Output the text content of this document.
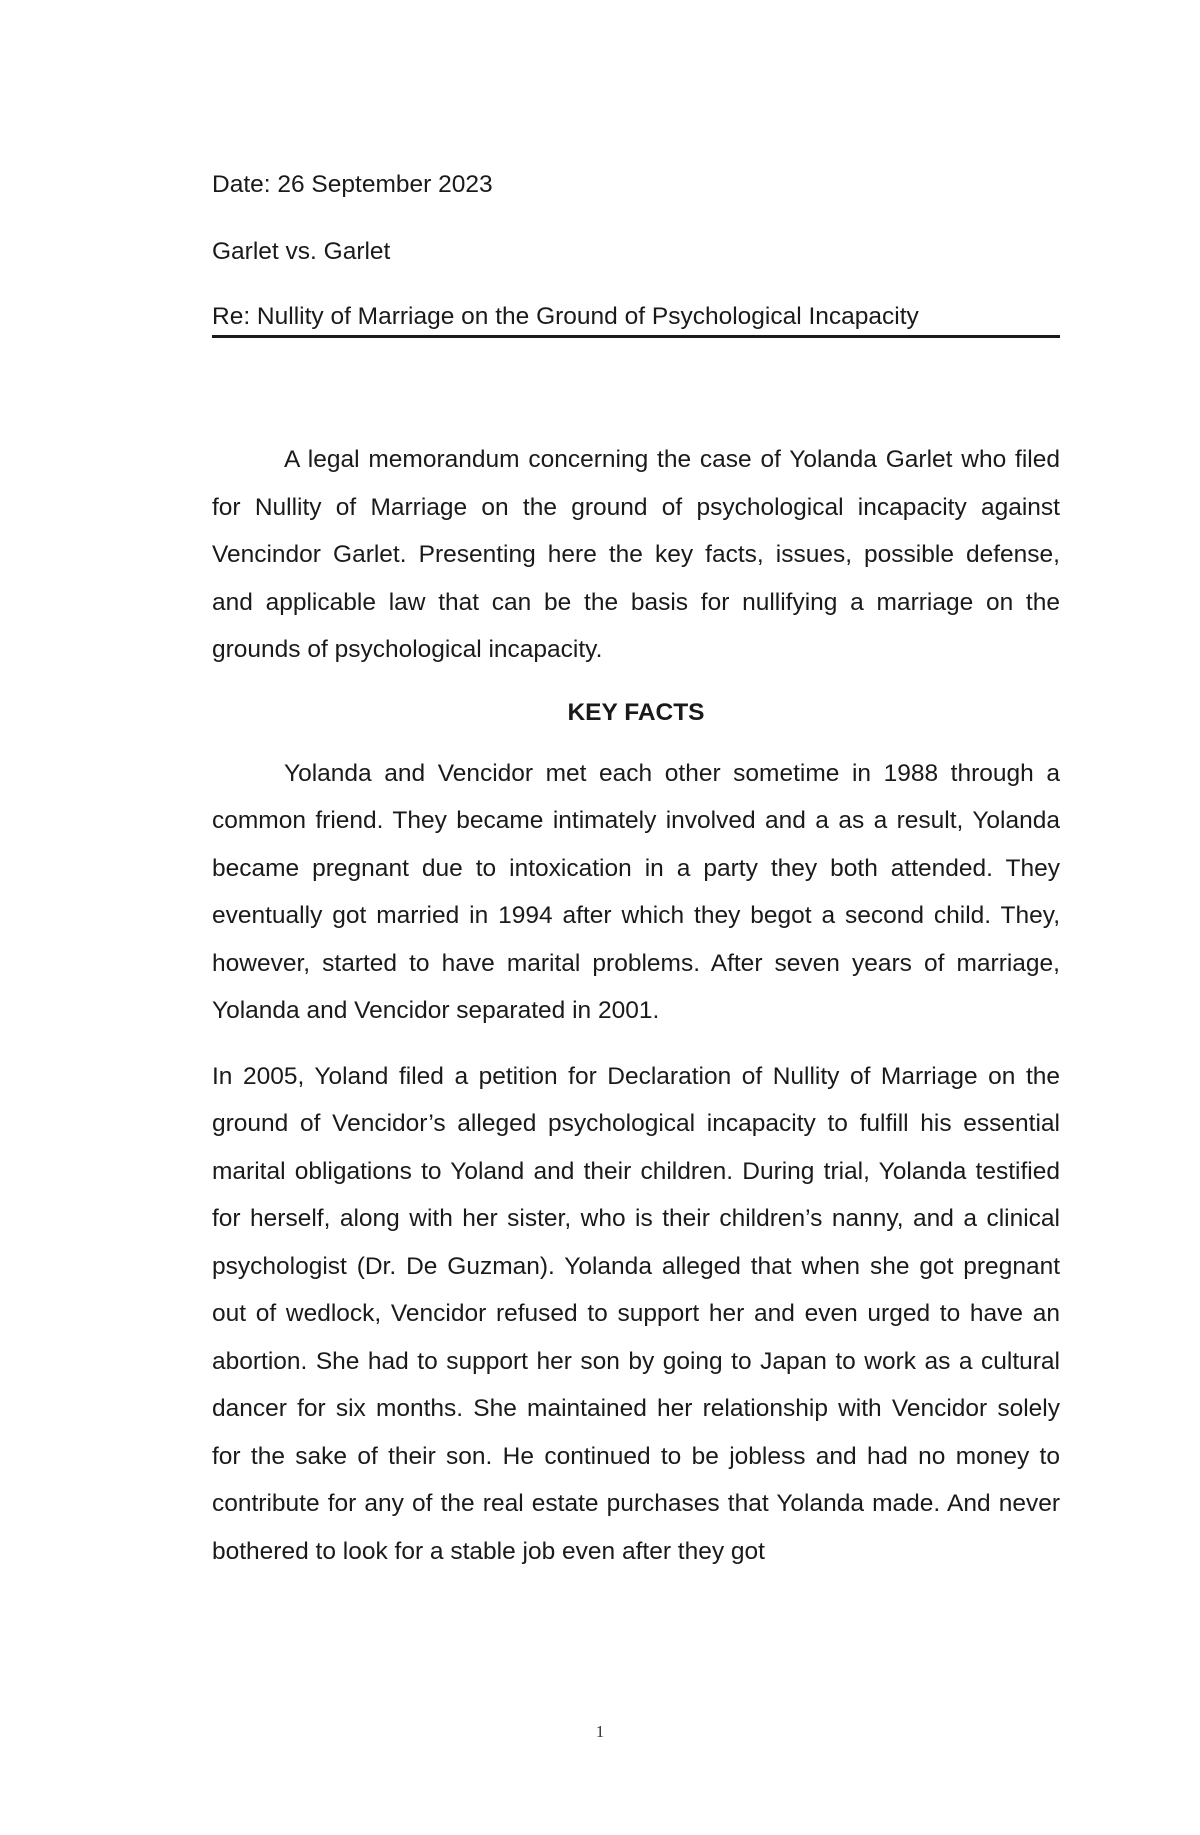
Date: 26 September 2023

Garlet vs. Garlet

Re: Nullity of Marriage on the Ground of Psychological Incapacity

A legal memorandum concerning the case of Yolanda Garlet who filed for Nullity of Marriage on the ground of psychological incapacity against Vencindor Garlet. Presenting here the key facts, issues, possible defense, and applicable law that can be the basis for nullifying a marriage on the grounds of psychological incapacity.

KEY FACTS

Yolanda and Vencidor met each other sometime in 1988 through a common friend. They became intimately involved and a as a result, Yolanda became pregnant due to intoxication in a party they both attended. They eventually got married in 1994 after which they begot a second child. They, however, started to have marital problems. After seven years of marriage, Yolanda and Vencidor separated in 2001.

In 2005, Yoland filed a petition for Declaration of Nullity of Marriage on the ground of Vencidor’s alleged psychological incapacity to fulfill his essential marital obligations to Yoland and their children. During trial, Yolanda testified for herself, along with her sister, who is their children’s nanny, and a clinical psychologist (Dr. De Guzman). Yolanda alleged that when she got pregnant out of wedlock, Vencidor refused to support her and even urged to have an abortion. She had to support her son by going to Japan to work as a cultural dancer for six months. She maintained her relationship with Vencidor solely for the sake of their son. He continued to be jobless and had no money to contribute for any of the real estate purchases that Yolanda made. And never bothered to look for a stable job even after they got

1
